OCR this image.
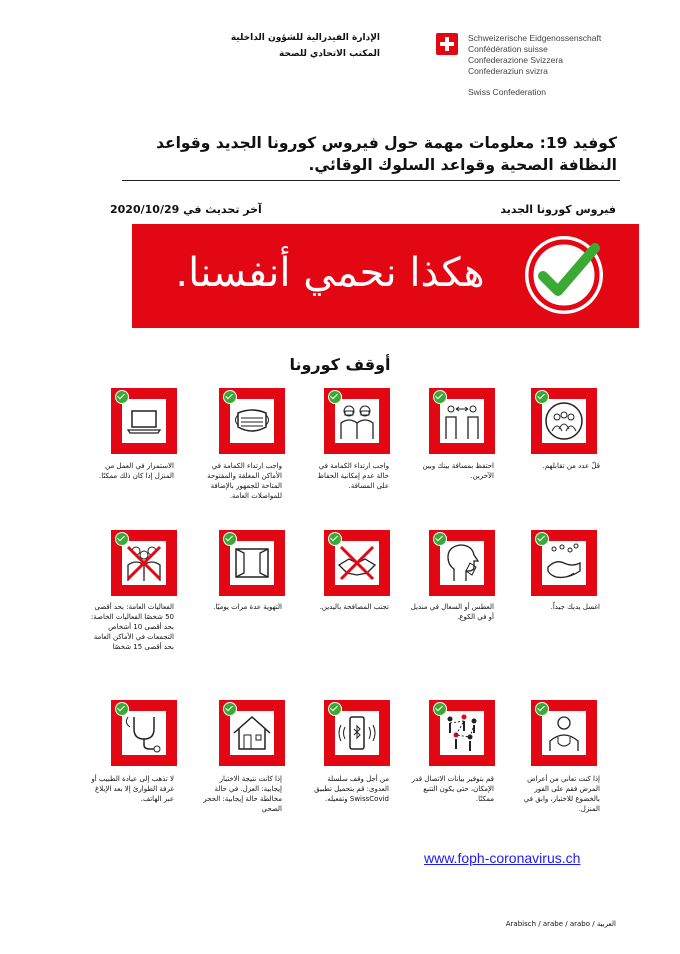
الإدارة الفيدرالية للشؤون الداخلية
المكتب الاتحادي للصحة
Schweizerische Eidgenossenschaft
Confédération suisse
Confederazione Svizzera
Confederaziun svizra
Swiss Confederation
كوفيد 19: معلومات مهمة حول فيروس كورونا الجديد وقواعد النظافة الصحية وقواعد السلوك الوقائي.
آخر تحديث في 2020/10/29	فيروس كورونا الجديد
هكذا نحمي أنفسنا.
أوقف كورونا
قلّ عدد من تقابلهم.
احتفظ بمسافة بينك وبين الآخرين.
واجب ارتداء الكمامة في حالة عدم إمكانية الحفاظ على المسافة.
واجب ارتداء الكمامة في الأماكن المغلقة والمفتوحة المتاحة للجمهور بالإضافة للمواصلات العامة.
الاستمرار في العمل من المنزل إذا كان ذلك ممكنًا.
اغسل يديك جيداً.
العطس أو السعال في منديل أو في الكوع.
تجنب المصافحة باليدين.
التهوية عدة مرات يوميًا.
الفعاليات العامة: بحد أقصى 50 شخصًا الفعاليات الخاصة: بحد أقصى 10 أشخاص التجمعات في الأماكن العامة بحد أقصى 15 شخصًا
إذا كنت تعاني من أعراض المرض فقم على الفور بالخضوع للاختبار، وابق في المنزل.
قم بتوفير بيانات الاتصال قدر الإمكان، حتى يكون التتبع ممكنًا.
من أجل وقف سلسلة العدوى: قم بتحميل تطبيق SwissCovid وتفعيله.
إذا كانت نتيجة الاختبار إيجابية: العزل. في حالة مخالطة حالة إيجابية: الحجر الصحي
لا تذهب إلى عيادة الطبيب أو غرفة الطوارئ إلا بعد الإبلاغ عبر الهاتف.
www.foph-coronavirus.ch
العربية / Arabisch / arabe / arabo
